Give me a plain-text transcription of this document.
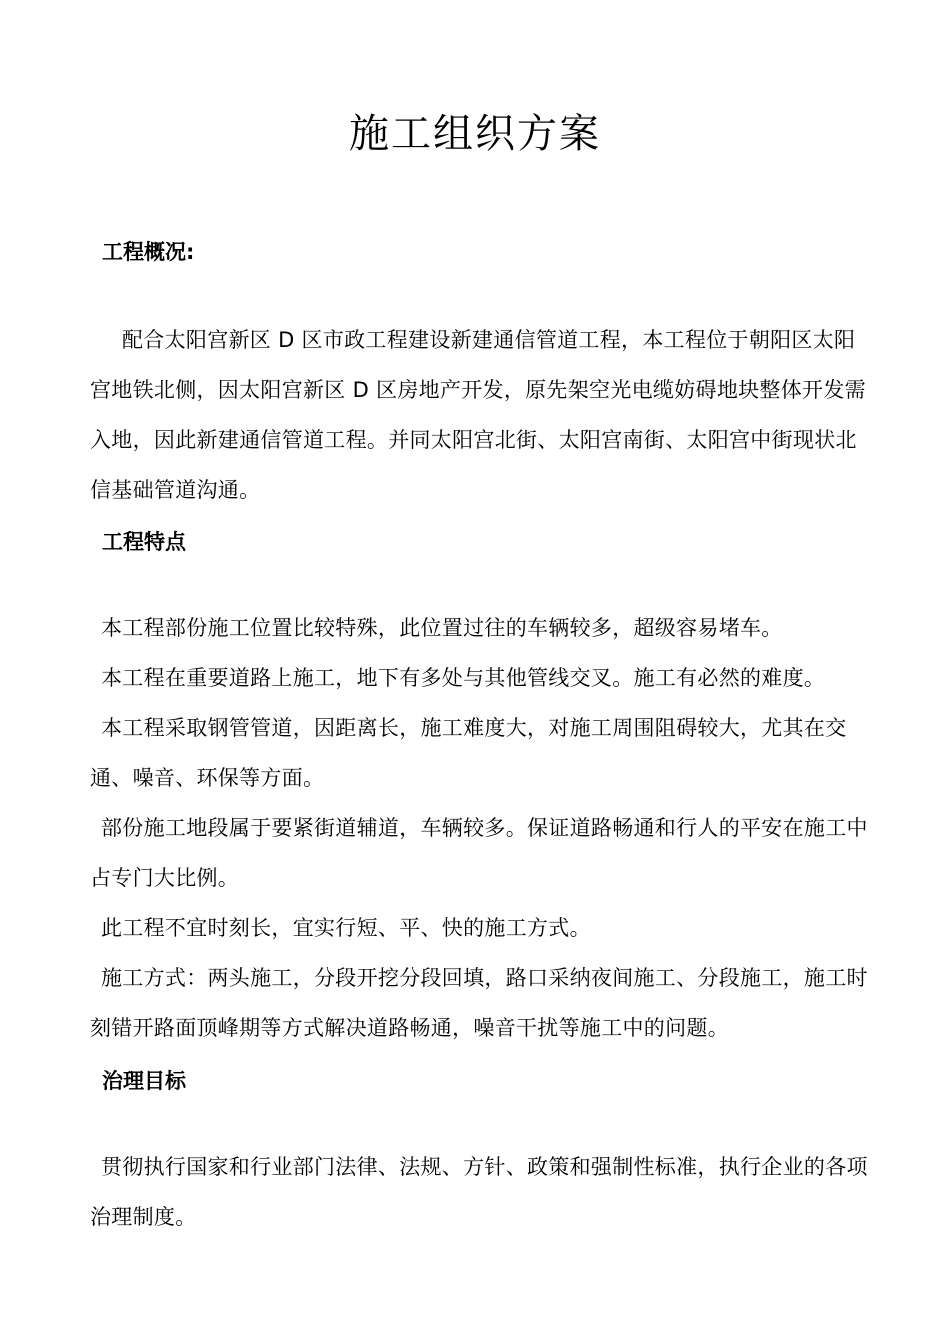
施工组织方案
工程概况:

配合太阳宫新区 D 区市政工程建设新建通信管道工程，本工程位于朝阳区太阳宫地铁北侧，因太阳宫新区 D 区房地产开发，原先架空光电缆妨碍地块整体开发需入地，因此新建通信管道工程。并同太阳宫北街、太阳宫南街、太阳宫中街现状北信基础管道沟通。

工程特点

本工程部份施工位置比较特殊，此位置过往的车辆较多，超级容易堵车。

本工程在重要道路上施工，地下有多处与其他管线交叉。施工有必然的难度。

本工程采取钢管管道，因距离长，施工难度大，对施工周围阻碍较大，尤其在交通、噪音、环保等方面。

部份施工地段属于要紧街道辅道，车辆较多。保证道路畅通和行人的平安在施工中占专门大比例。

此工程不宜时刻长，宜实行短、平、快的施工方式。

施工方式：两头施工，分段开挖分段回填，路口采纳夜间施工、分段施工，施工时刻错开路面顶峰期等方式解决道路畅通，噪音干扰等施工中的问题。

治理目标

贯彻执行国家和行业部门法律、法规、方针、政策和强制性标准，执行企业的各项治理制度。
